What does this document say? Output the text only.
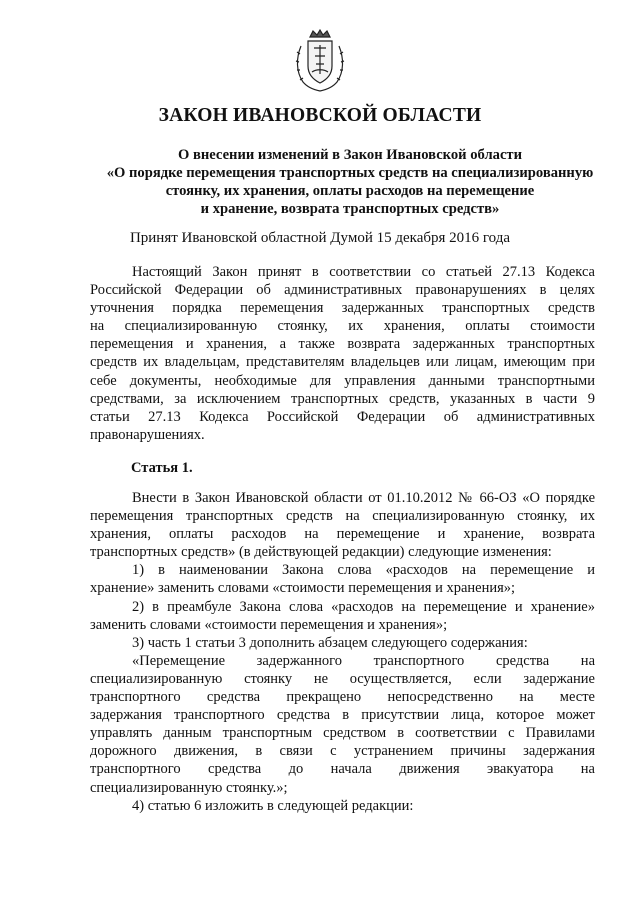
ЗАКОН ИВАНОВСКОЙ ОБЛАСТИ
О внесении изменений в Закон Ивановской области
«О порядке перемещения транспортных средств на специализированную
стоянку, их хранения, оплаты расходов на перемещение
и хранение, возврата транспортных средств»
Принят Ивановской областной Думой 15 декабря 2016 года
Настоящий Закон принят в соответствии со статьей 27.13 Кодекса
Российской Федерации об административных правонарушениях в целях
уточнения порядка перемещения задержанных транспортных средств
на специализированную стоянку, их хранения, оплаты стоимости
перемещения и хранения, а также возврата задержанных транспортных
средств их владельцам, представителям владельцев или лицам, имеющим при
себе документы, необходимые для управления данными транспортными
средствами, за исключением транспортных средств, указанных в части 9
статьи 27.13 Кодекса Российской Федерации об административных
правонарушениях.
Статья 1.
Внести в Закон Ивановской области от 01.10.2012 № 66-ОЗ «О порядке
перемещения транспортных средств на специализированную стоянку, их
хранения, оплаты расходов на перемещение и хранение, возврата
транспортных средств» (в действующей редакции) следующие изменения:
1) в наименовании Закона слова «расходов на перемещение и
хранение» заменить словами «стоимости перемещения и хранения»;
2) в преамбуле Закона слова «расходов на перемещение и хранение»
заменить словами «стоимости перемещения и хранения»;
3) часть 1 статьи 3 дополнить абзацем следующего содержания:
«Перемещение задержанного транспортного средства на
специализированную стоянку не осуществляется, если задержание
транспортного средства прекращено непосредственно на месте
задержания транспортного средства в присутствии лица, которое может
управлять данным транспортным средством в соответствии с Правилами
дорожного движения, в связи с устранением причины задержания
транспортного средства до начала движения эвакуатора на
специализированную стоянку.»;
4) статью 6 изложить в следующей редакции:
